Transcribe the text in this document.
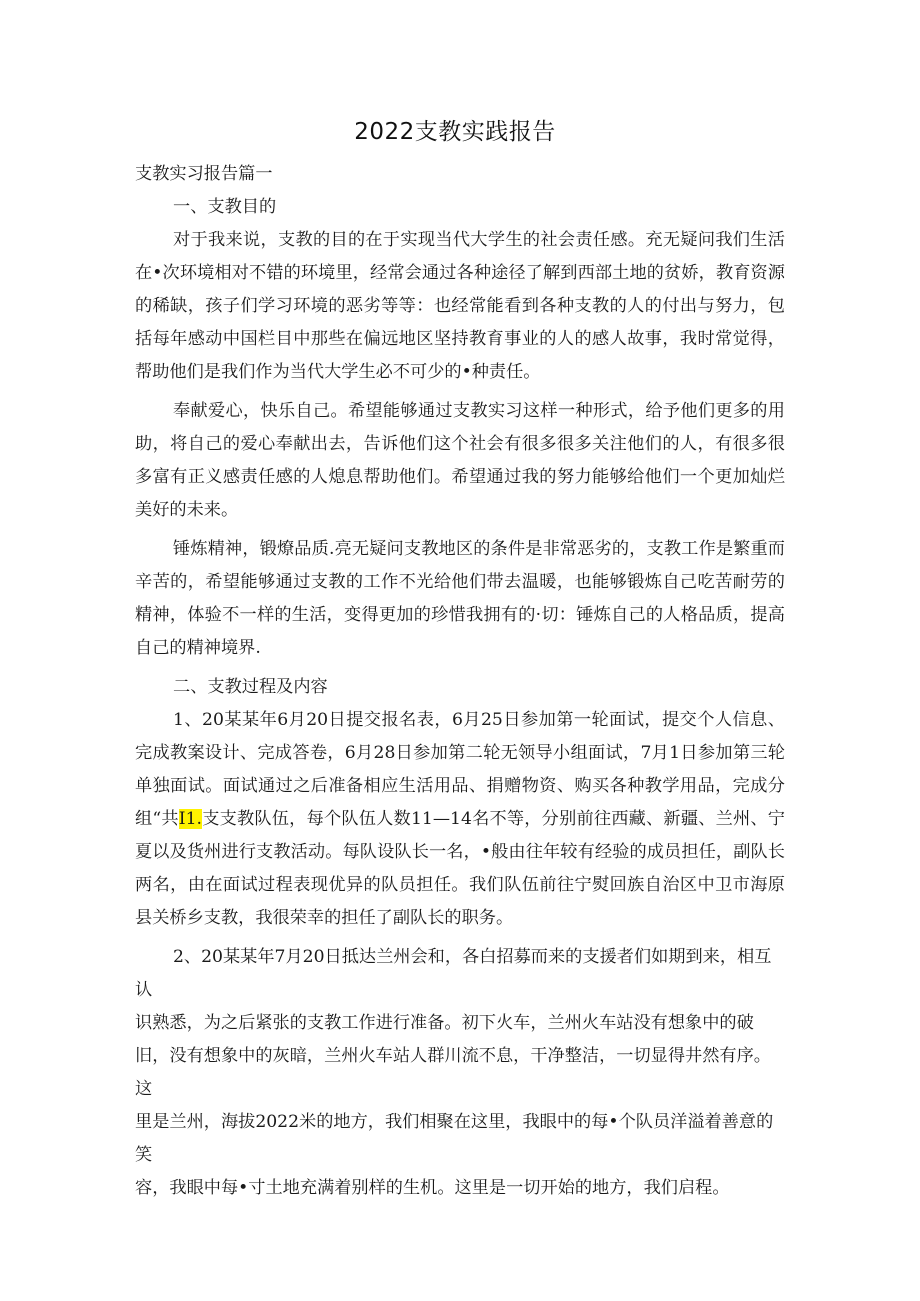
2022支教实践报告

支教实习报告篇一

一、支教目的

对于我来说，支教的目的在于实现当代大学生的社会责任感。充无疑问我们生活在•次环境相对不错的环境里，经常会通过各种途径了解到西部土地的贫娇，教育资源的稀缺，孩子们学习环境的恶劣等等：也经常能看到各种支教的人的付出与努力，包括每年感动中国栏目中那些在偏远地区坚持教育事业的人的感人故事，我时常觉得，帮助他们是我们作为当代大学生必不可少的•种责任。

奉献爱心，快乐自己。希望能够通过支教实习这样一种形式，给予他们更多的用助，将自己的爱心奉献出去，告诉他们这个社会有很多很多关注他们的人，有很多很多富有正义感责任感的人熄息帮助他们。希望通过我的努力能够给他们一个更加灿烂美好的未来。

锤炼精神，锻燎品质.亮无疑问支教地区的条件是非常恶劣的，支教工作是繁重而辛苦的，希望能够通过支教的工作不光给他们带去温暖，也能够锻炼自己吃苦耐劳的精神，体验不一样的生活，变得更加的珍惜我拥有的·切：锤炼自己的人格品质，提高自己的精神境界.

二、支教过程及内容

1、20某某年6月20日提交报名表，6月25日参加第一轮面试，提交个人信息、完成教案设计、完成答卷，6月28日参加第二轮无领导小组面试，7月1日参加第三轮单独面试。面试通过之后准备相应生活用品、捐赠物资、购买各种教学用品，完成分组“共I1.支支教队伍，每个队伍人数11—14名不等，分别前往西藏、新疆、兰州、宁夏以及货州进行支教活动。每队设队长一名，•般由往年较有经验的成员担任，副队长两名，由在面试过程表现优异的队员担任。我们队伍前往宁熨回族自治区中卫市海原县关桥乡支教，我很荣幸的担任了副队长的职务。

2、20某某年7月20日抵达兰州会和，各白招募而来的支援者们如期到来，相互认

识熟悉，为之后紧张的支教工作进行准备。初下火车，兰州火车站没有想象中的破

旧，没有想象中的灰暗，兰州火车站人群川流不息，干净整洁，一切显得井然有序。这

里是兰州，海拔2022米的地方，我们相聚在这里，我眼中的每•个队员洋溢着善意的笑

容，我眼中每•寸土地充满着别样的生机。这里是一切开始的地方，我们启程。
